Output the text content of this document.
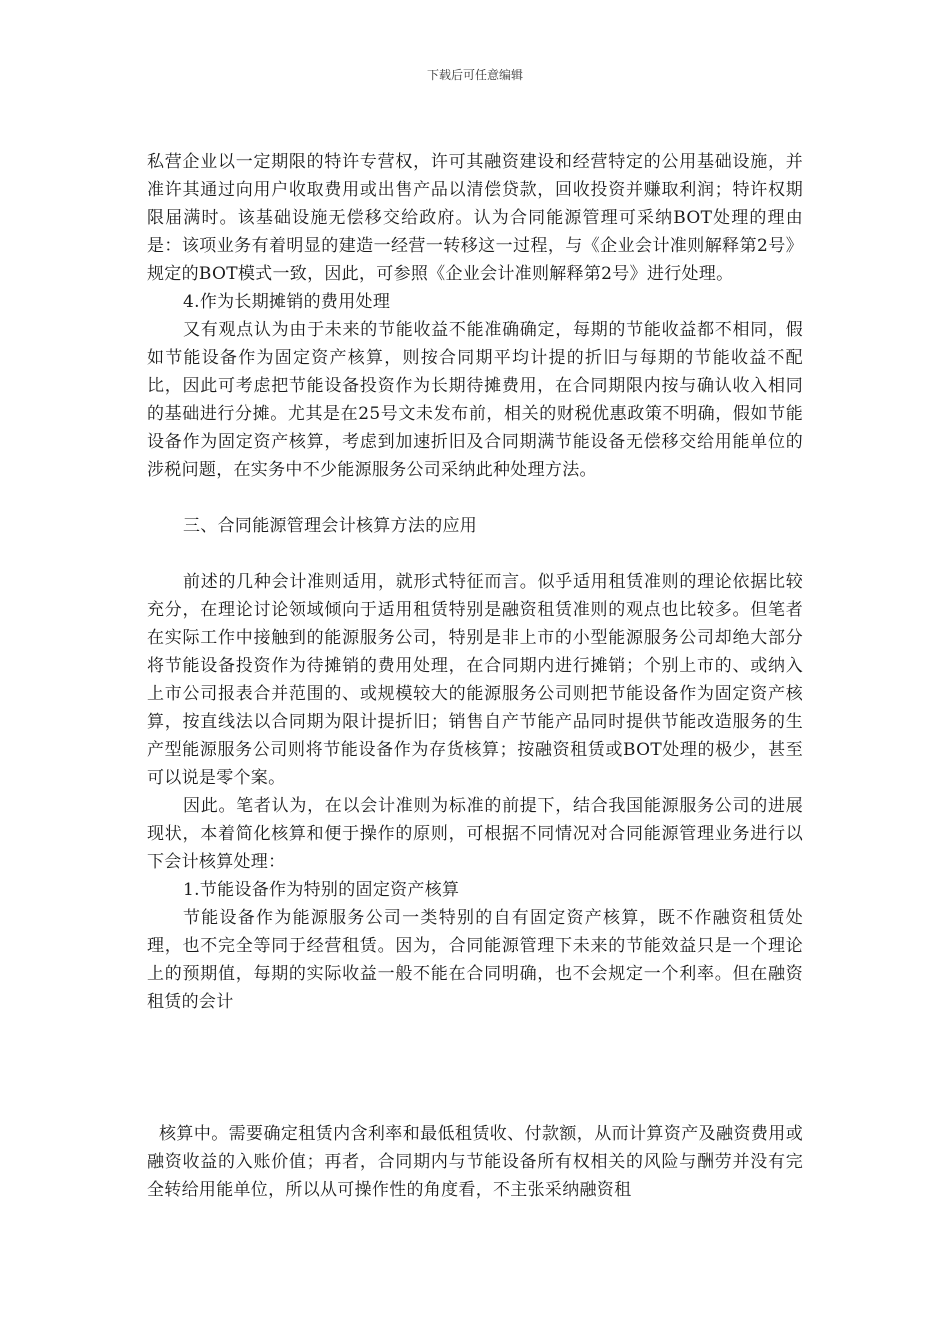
下载后可任意编辑

私营企业以一定期限的特许专营权，许可其融资建设和经营特定的公用基础设施，并准许其通过向用户收取费用或出售产品以清偿贷款，回收投资并赚取利润；特许权期限届满时。该基础设施无偿移交给政府。认为合同能源管理可采纳BOT处理的理由是：该项业务有着明显的建造一经营一转移这一过程，与《企业会计准则解释第2号》规定的BOT模式一致，因此，可参照《企业会计准则解释第2号》进行处理。

4.作为长期摊销的费用处理

又有观点认为由于未来的节能收益不能准确确定，每期的节能收益都不相同，假如节能设备作为固定资产核算，则按合同期平均计提的折旧与每期的节能收益不配比，因此可考虑把节能设备投资作为长期待摊费用，在合同期限内按与确认收入相同的基础进行分摊。尤其是在25号文未发布前，相关的财税优惠政策不明确，假如节能设备作为固定资产核算，考虑到加速折旧及合同期满节能设备无偿移交给用能单位的涉税问题，在实务中不少能源服务公司采纳此种处理方法。

三、合同能源管理会计核算方法的应用

前述的几种会计准则适用，就形式特征而言。似乎适用租赁准则的理论依据比较充分，在理论讨论领域倾向于适用租赁特别是融资租赁准则的观点也比较多。但笔者在实际工作中接触到的能源服务公司，特别是非上市的小型能源服务公司却绝大部分将节能设备投资作为待摊销的费用处理，在合同期内进行摊销；个别上市的、或纳入上市公司报表合并范围的、或规模较大的能源服务公司则把节能设备作为固定资产核算，按直线法以合同期为限计提折旧；销售自产节能产品同时提供节能改造服务的生产型能源服务公司则将节能设备作为存货核算；按融资租赁或BOT处理的极少，甚至可以说是零个案。

因此。笔者认为，在以会计准则为标准的前提下，结合我国能源服务公司的进展现状，本着简化核算和便于操作的原则，可根据不同情况对合同能源管理业务进行以下会计核算处理：

1.节能设备作为特别的固定资产核算

节能设备作为能源服务公司一类特别的自有固定资产核算，既不作融资租赁处理，也不完全等同于经营租赁。因为，合同能源管理下未来的节能效益只是一个理论上的预期值，每期的实际收益一般不能在合同明确，也不会规定一个利率。但在融资租赁的会计

核算中。需要确定租赁内含利率和最低租赁收、付款额，从而计算资产及融资费用或融资收益的入账价值；再者，合同期内与节能设备所有权相关的风险与酬劳并没有完全转给用能单位，所以从可操作性的角度看，不主张采纳融资租
